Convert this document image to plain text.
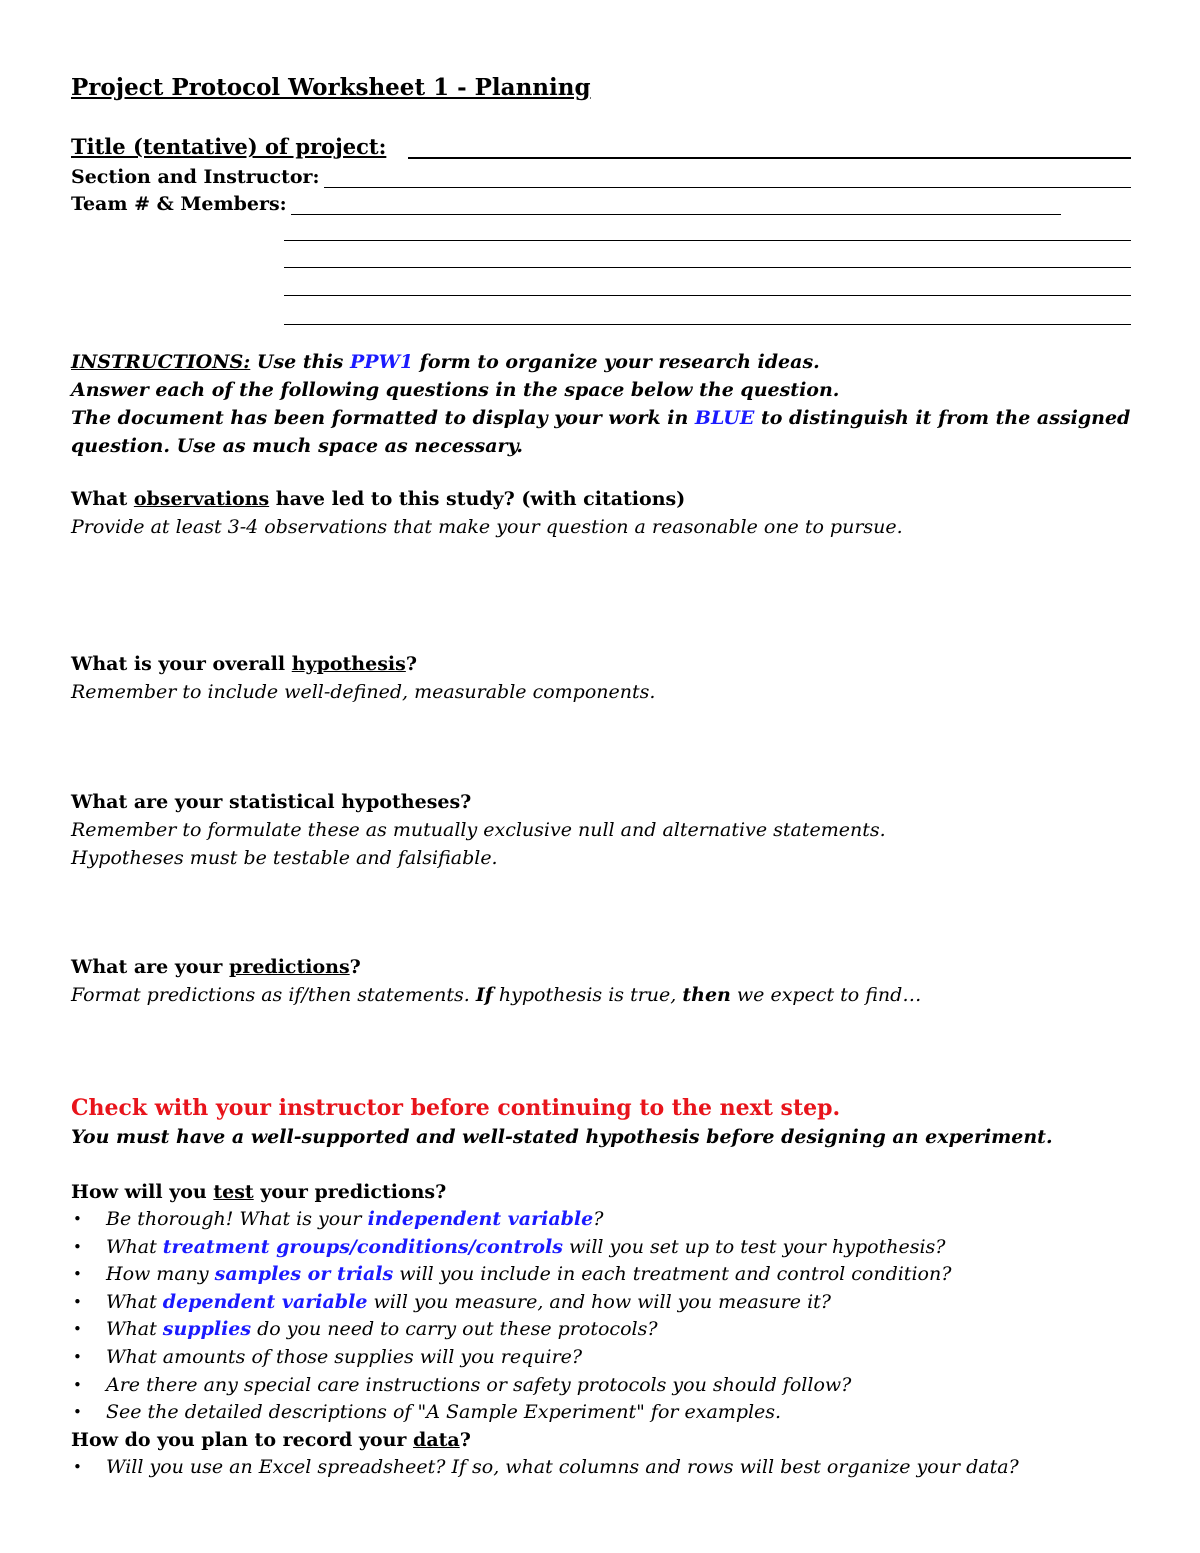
Project Protocol Worksheet 1 - Planning
Title (tentative) of project:
Section and Instructor:
Team # & Members:
INSTRUCTIONS: Use this PPW1 form to organize your research ideas.
Answer each of the following questions in the space below the question.
The document has been formatted to display your work in BLUE to distinguish it from the assigned
question. Use as much space as necessary.
What observations have led to this study? (with citations)
Provide at least 3-4 observations that make your question a reasonable one to pursue.
What is your overall hypothesis?
Remember to include well-defined, measurable components.
What are your statistical hypotheses?
Remember to formulate these as mutually exclusive null and alternative statements.
Hypotheses must be testable and falsifiable.
What are your predictions?
Format predictions as if/then statements. If hypothesis is true, then we expect to find…
Check with your instructor before continuing to the next step.
You must have a well-supported and well-stated hypothesis before designing an experiment.
How will you test your predictions?
• Be thorough! What is your independent variable?
• What treatment groups/conditions/controls will you set up to test your hypothesis?
• How many samples or trials will you include in each treatment and control condition?
• What dependent variable will you measure, and how will you measure it?
• What supplies do you need to carry out these protocols?
• What amounts of those supplies will you require?
• Are there any special care instructions or safety protocols you should follow?
• See the detailed descriptions of "A Sample Experiment" for examples.
How do you plan to record your data?
• Will you use an Excel spreadsheet? If so, what columns and rows will best organize your data?
